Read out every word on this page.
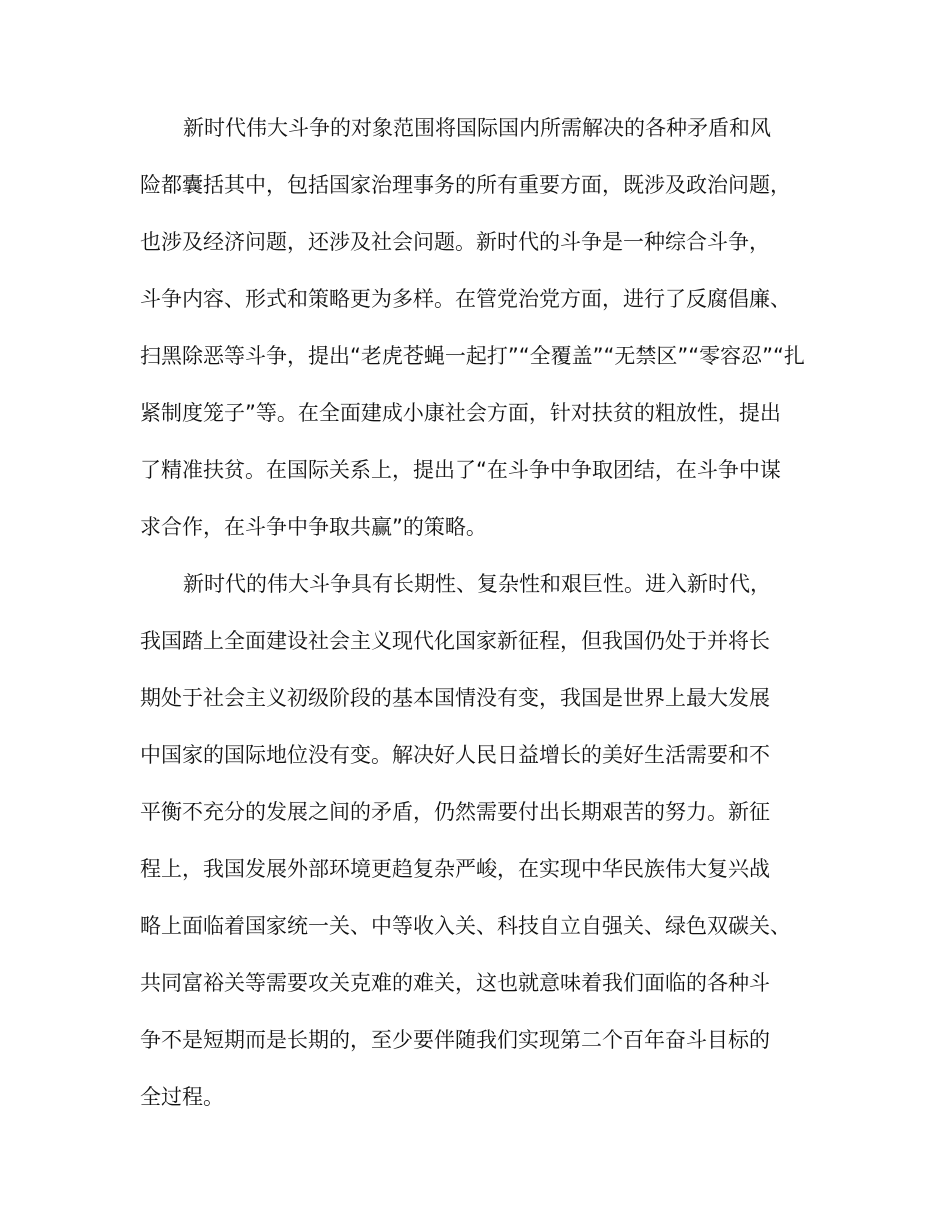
新时代伟大斗争的对象范围将国际国内所需解决的各种矛盾和风

险都囊括其中，包括国家治理事务的所有重要方面，既涉及政治问题，

也涉及经济问题，还涉及社会问题。新时代的斗争是一种综合斗争，

斗争内容、形式和策略更为多样。在管党治党方面，进行了反腐倡廉、

扫黑除恶等斗争，提出“老虎苍蝇一起打”“全覆盖”“无禁区”“零容忍”“扎

紧制度笼子”等。在全面建成小康社会方面，针对扶贫的粗放性，提出

了精准扶贫。在国际关系上，提出了“在斗争中争取团结，在斗争中谋

求合作，在斗争中争取共赢”的策略。

新时代的伟大斗争具有长期性、复杂性和艰巨性。进入新时代，

我国踏上全面建设社会主义现代化国家新征程，但我国仍处于并将长

期处于社会主义初级阶段的基本国情没有变，我国是世界上最大发展

中国家的国际地位没有变。解决好人民日益增长的美好生活需要和不

平衡不充分的发展之间的矛盾，仍然需要付出长期艰苦的努力。新征

程上，我国发展外部环境更趋复杂严峻，在实现中华民族伟大复兴战

略上面临着国家统一关、中等收入关、科技自立自强关、绿色双碳关、

共同富裕关等需要攻关克难的难关，这也就意味着我们面临的各种斗

争不是短期而是长期的，至少要伴随我们实现第二个百年奋斗目标的

全过程。
